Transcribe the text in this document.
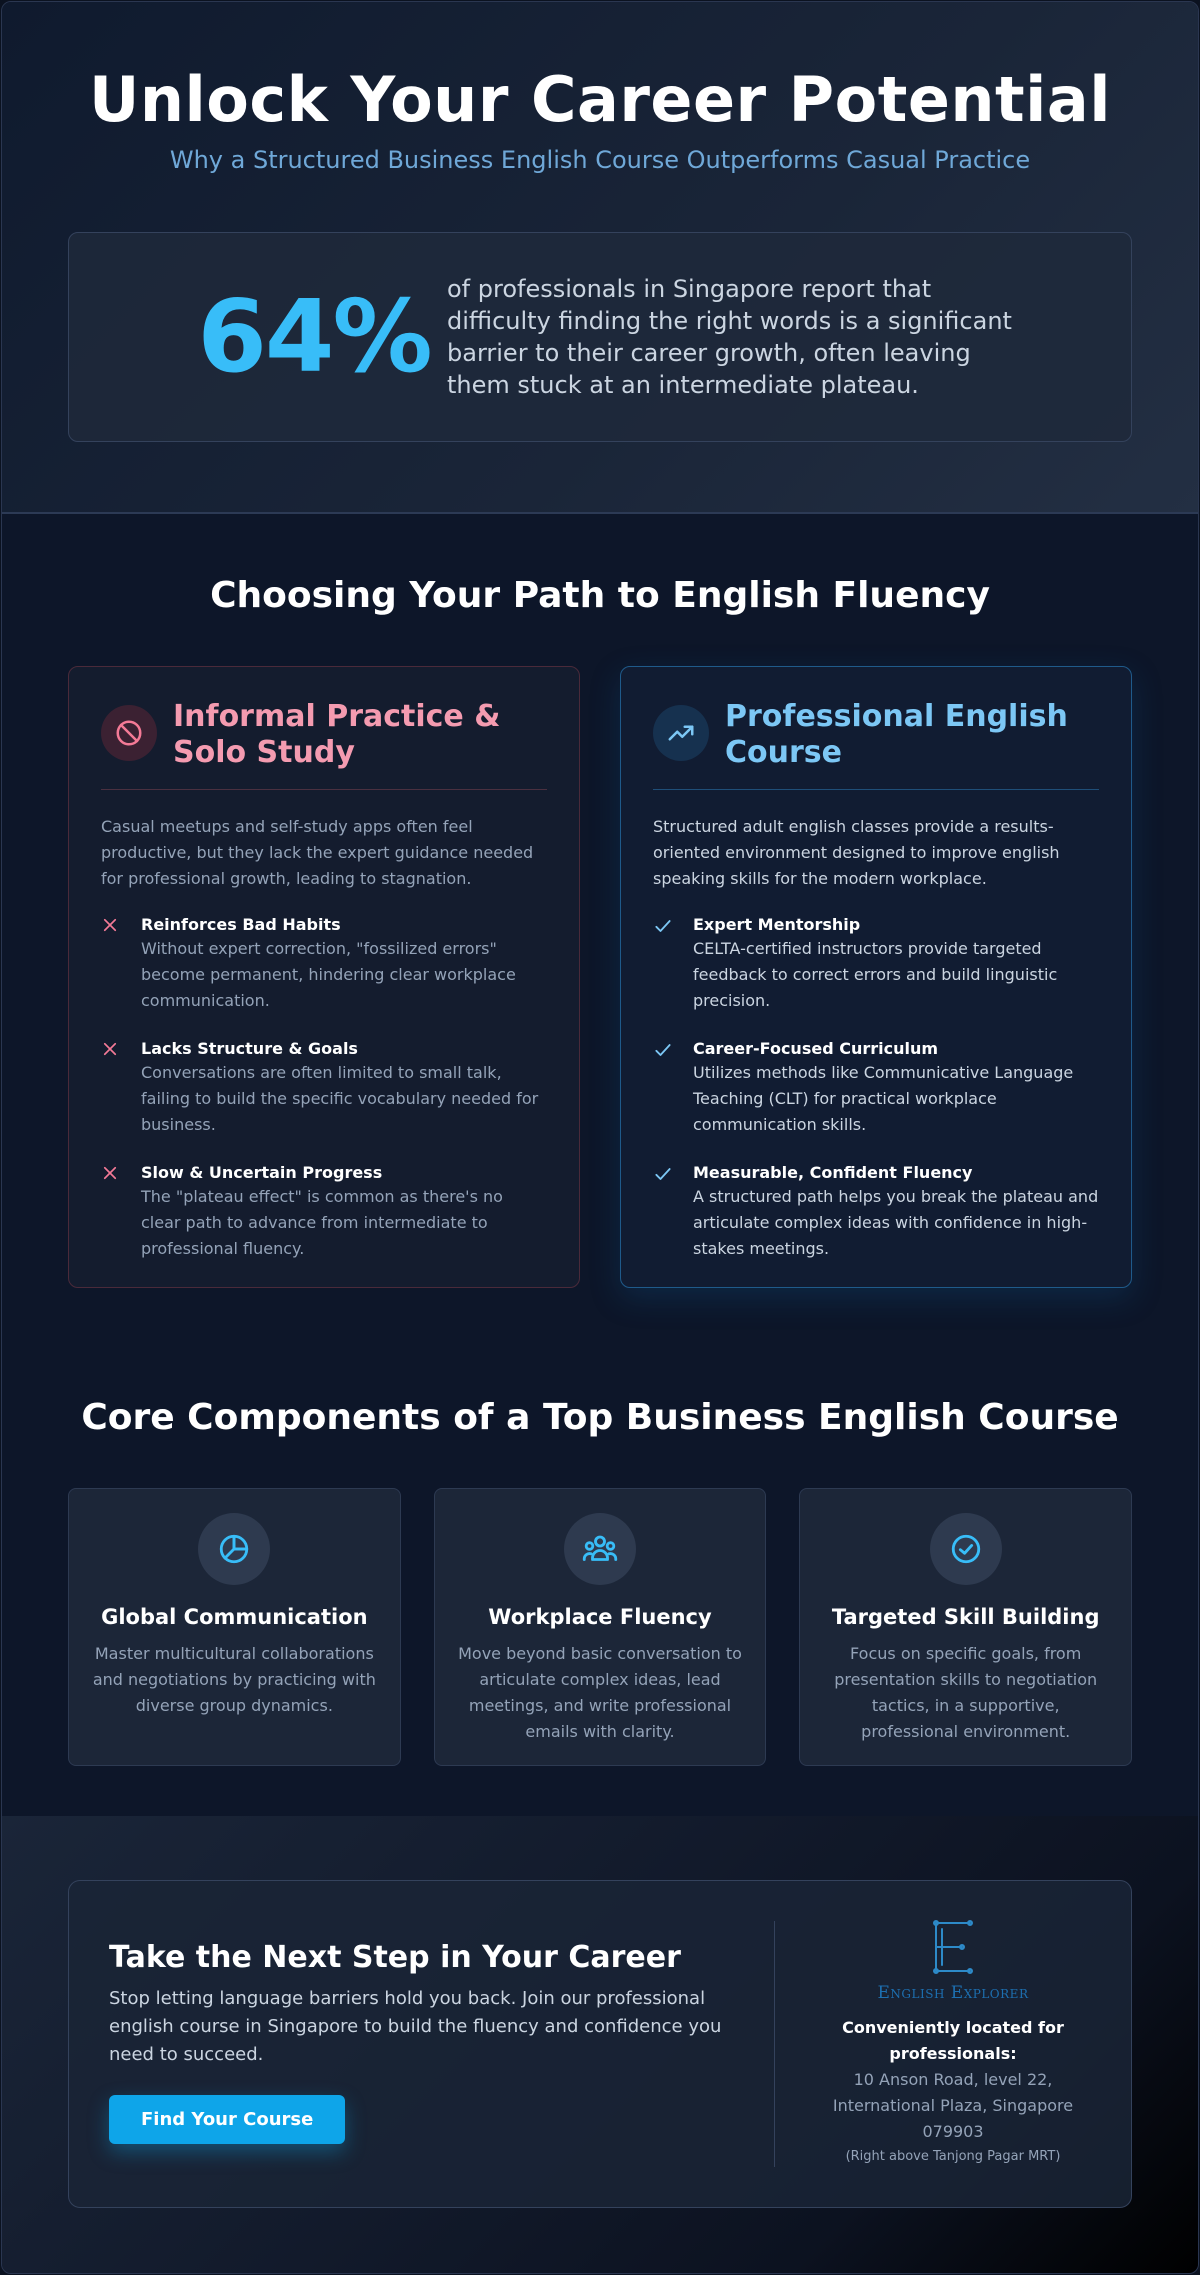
Unlock Your Career Potential
Why a Structured Business English Course Outperforms Casual Practice
64% of professionals in Singapore report that difficulty finding the right words is a significant barrier to their career growth, often leaving them stuck at an intermediate plateau.
Choosing Your Path to English Fluency
Informal Practice & Solo Study
Casual meetups and self-study apps often feel productive, but they lack the expert guidance needed for professional growth, leading to stagnation.
Reinforces Bad Habits
Without expert correction, "fossilized errors" become permanent, hindering clear workplace communication.
Lacks Structure & Goals
Conversations are often limited to small talk, failing to build the specific vocabulary needed for business.
Slow & Uncertain Progress
The "plateau effect" is common as there's no clear path to advance from intermediate to professional fluency.
Professional English Course
Structured adult english classes provide a results-oriented environment designed to improve english speaking skills for the modern workplace.
Expert Mentorship
CELTA-certified instructors provide targeted feedback to correct errors and build linguistic precision.
Career-Focused Curriculum
Utilizes methods like Communicative Language Teaching (CLT) for practical workplace communication skills.
Measurable, Confident Fluency
A structured path helps you break the plateau and articulate complex ideas with confidence in high-stakes meetings.
Core Components of a Top Business English Course
Global Communication
Master multicultural collaborations and negotiations by practicing with diverse group dynamics.
Workplace Fluency
Move beyond basic conversation to articulate complex ideas, lead meetings, and write professional emails with clarity.
Targeted Skill Building
Focus on specific goals, from presentation skills to negotiation tactics, in a supportive, professional environment.
Take the Next Step in Your Career

Stop letting language barriers hold you back. Join our professional english course in Singapore to build the fluency and confidence you need to succeed.

Find Your Course
English Explorer
Conveniently located for professionals:
10 Anson Road, level 22, International Plaza, Singapore 079903
(Right above Tanjong Pagar MRT)
